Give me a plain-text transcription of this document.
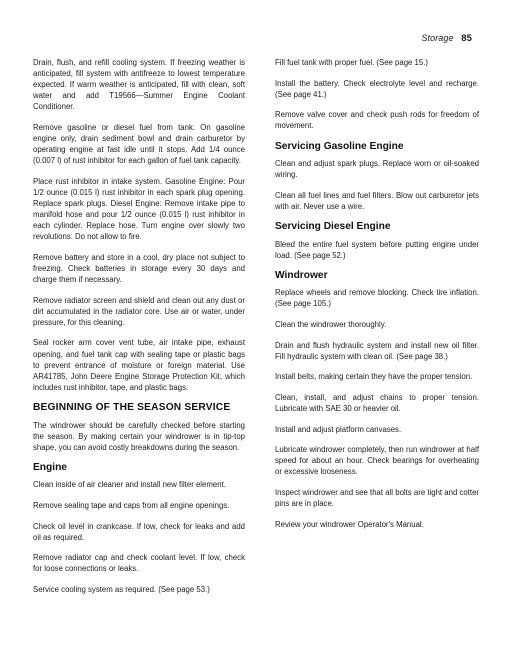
Storage 85

Drain, flush, and refill cooling system. If freezing weather is anticipated, fill system with antifreeze to lowest temperature expected. If warm weather is anticipated, fill with clean, soft water and add T19566—Summer Engine Coolant Conditioner.

Remove gasoline or diesel fuel from tank. On gasoline engine only, drain sediment bowl and drain carburetor by operating engine at fast idle until it stops. Add 1/4 ounce (0.007 l) of rust inhibitor for each gallon of fuel tank capacity.

Place rust inhibitor in intake system. Gasoline Engine: Pour 1/2 ounce (0.015 l) rust inhibitor in each spark plug opening. Replace spark plugs. Diesel Engine: Remove intake pipe to manifold hose and pour 1/2 ounce (0.015 l) rust inhibitor in each cylinder. Replace hose. Turn engine over slowly two revolutions. Do not allow to fire.

Remove battery and store in a cool, dry place not subject to freezing. Check batteries in storage every 30 days and charge them if necessary.

Remove radiator screen and shield and clean out any dust or dirt accumulated in the radiator core. Use air or water, under pressure, for this cleaning.

Seal rocker arm cover vent tube, air intake pipe, exhaust opening, and fuel tank cap with sealing tape or plastic bags to prevent entrance of moisture or foreign material. Use AR41785, John Deere Engine Storage Protection Kit, which includes rust inhibitor, tape, and plastic bags.

BEGINNING OF THE SEASON SERVICE

The windrower should be carefully checked before starting the season. By making certain your windrower is in tip-top shape, you can avoid costly breakdowns during the season.

Engine

Clean inside of air cleaner and install new filter element.

Remove sealing tape and caps from all engine openings.

Check oil level in crankcase. If low, check for leaks and add oil as required.

Remove radiator cap and check coolant level. If low, check for loose connections or leaks.

Service cooling system as required. (See page 53.)

Fill fuel tank with proper fuel. (See page 15.)

Install the battery. Check electrolyte level and recharge. (See page 41.)

Remove valve cover and check push rods for freedom of movement.

Servicing Gasoline Engine

Clean and adjust spark plugs. Replace worn or oil-soaked wiring.

Clean all fuel lines and fuel filters. Blow out carburetor jets with air. Never use a wire.

Servicing Diesel Engine

Bleed the entire fuel system before putting engine under load. (See page 52.)

Windrower

Replace wheels and remove blocking. Check tire inflation. (See page 105.)

Clean the windrower thoroughly.

Drain and flush hydraulic system and install new oil filter. Fill hydraulic system with clean oil. (See page 38.)

Install belts, making certain they have the proper tension.

Clean, install, and adjust chains to proper tension. Lubricate with SAE 30 or heavier oil.

Install and adjust platform canvases.

Lubricate windrower completely, then run windrower at half speed for about an hour. Check bearings for overheating or excessive looseness.

Inspect windrower and see that all bolts are tight and cotter pins are in place.

Review your windrower Operator's Manual.
